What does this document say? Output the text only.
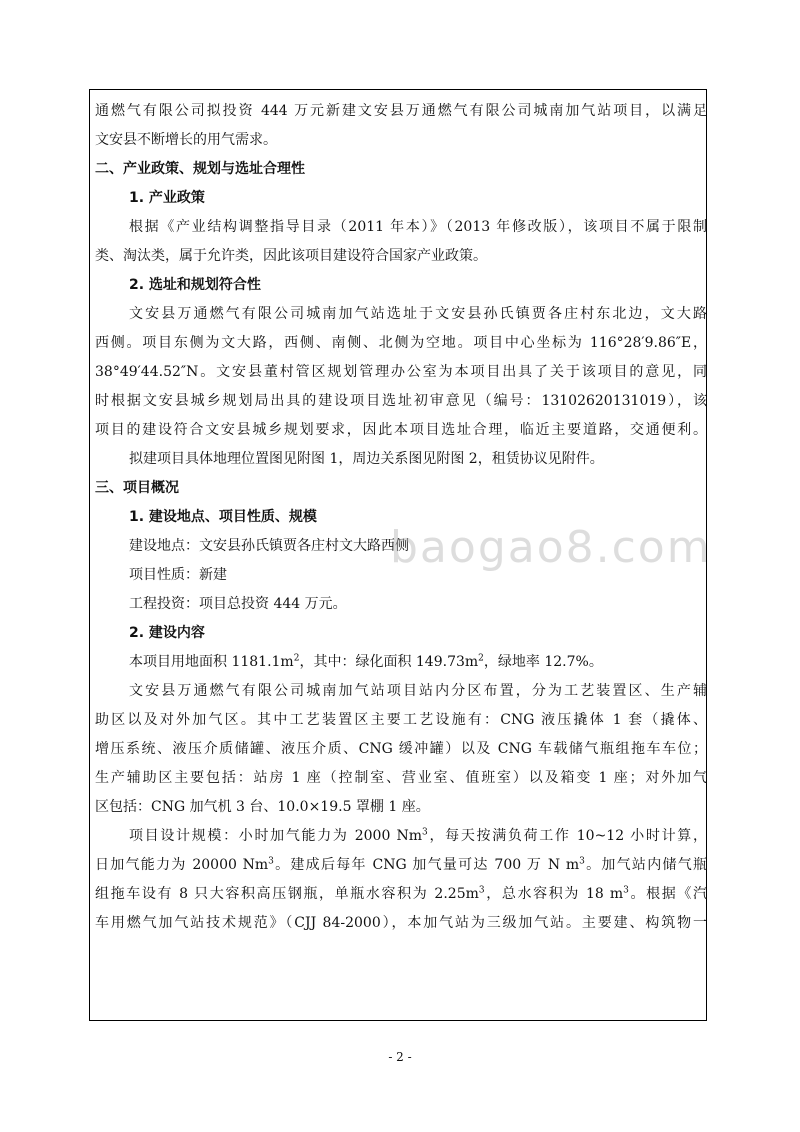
通燃气有限公司拟投资 444 万元新建文安县万通燃气有限公司城南加气站项目，以满足
文安县不断增长的用气需求。
二、产业政策、规划与选址合理性
1. 产业政策
根据《产业结构调整指导目录（2011 年本）》（2013 年修改版），该项目不属于限制
类、淘汰类，属于允许类，因此该项目建设符合国家产业政策。
2. 选址和规划符合性
文安县万通燃气有限公司城南加气站选址于文安县孙氏镇贾各庄村东北边，文大路
西侧。项目东侧为文大路，西侧、南侧、北侧为空地。项目中心坐标为 116°28′9.86″E，
38°49′44.52″N。文安县董村管区规划管理办公室为本项目出具了关于该项目的意见，同
时根据文安县城乡规划局出具的建设项目选址初审意见（编号：13102620131019），该
项目的建设符合文安县城乡规划要求，因此本项目选址合理，临近主要道路，交通便利。
拟建项目具体地理位置图见附图 1，周边关系图见附图 2，租赁协议见附件。
三、项目概况
1. 建设地点、项目性质、规模
建设地点：文安县孙氏镇贾各庄村文大路西侧
项目性质：新建
工程投资：项目总投资 444 万元。
2. 建设内容
本项目用地面积 $1181.1m^2$，其中：绿化面积 $149.73m^2$，绿地率 12.7%。
文安县万通燃气有限公司城南加气站项目站内分区布置，分为工艺装置区、生产辅
助区以及对外加气区。其中工艺装置区主要工艺设施有：CNG 液压撬体 1 套（撬体、
增压系统、液压介质储罐、液压介质、CNG 缓冲罐）以及 CNG 车载储气瓶组拖车车位；
生产辅助区主要包括：站房 1 座（控制室、营业室、值班室）以及箱变 1 座；对外加气
区包括：CNG 加气机 3 台、10.0×19.5 罩棚 1 座。
项目设计规模：小时加气能力为 2000 Nm$^3$，每天按满负荷工作 10~12 小时计算，
日加气能力为 20000 Nm$^3$。建成后每年 CNG 加气量可达 700 万 N $m^3$。加气站内储气瓶
组拖车设有 8 只大容积高压钢瓶，单瓶水容积为 $2.25m^3$，总水容积为 18 $m^3$。根据《汽
车用燃气加气站技术规范》（CJJ 84-2000），本加气站为三级加气站。主要建、构筑物一
baogao8.com
- 2 -
